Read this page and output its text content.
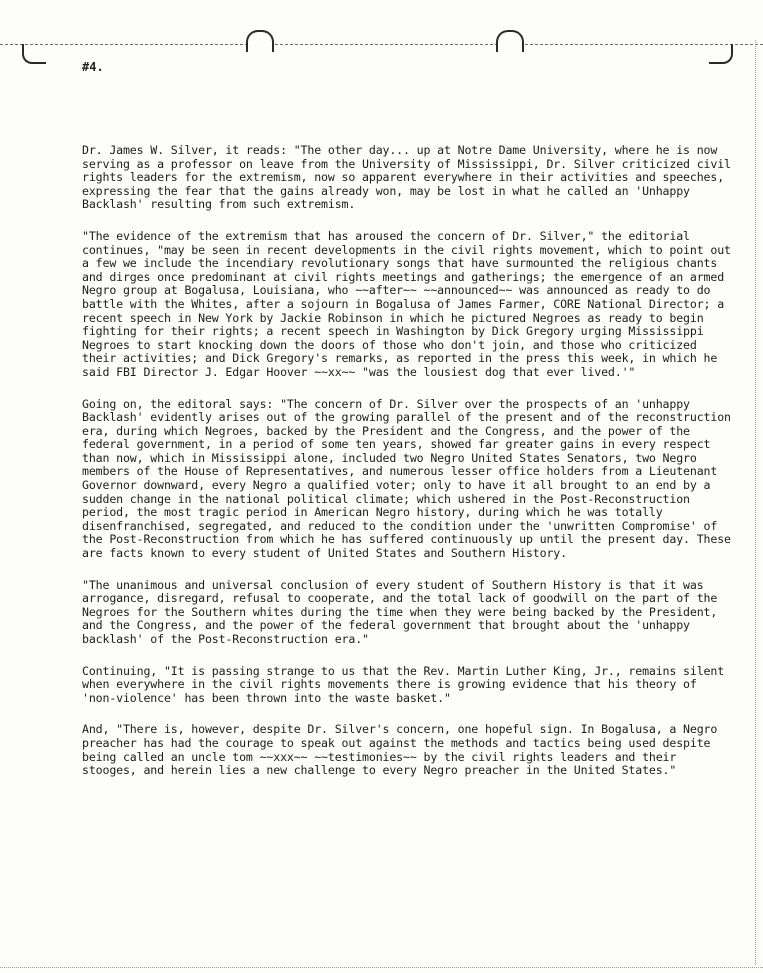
#4.

Dr. James W. Silver, it reads: "The other day... up at Notre Dame University, where he is now serving as a professor on leave from the University of Mississippi, Dr. Silver criticized civil rights leaders for the extremism, now so apparent everywhere in their activities and speeches, expressing the fear that the gains already won, may be lost in what he called an 'Unhappy Backlash' resulting from such extremism.

"The evidence of the extremism that has aroused the concern of Dr. Silver," the editorial continues, "may be seen in recent developments in the civil rights movement, which to point out a few we include the incendiary revolutionary songs that have surmounted the religious chants and dirges once predominant at civil rights meetings and gatherings; the emergence of an armed Negro group at Bogalusa, Louisiana, who ~~after~~ ~~announced~~ was announced as ready to do battle with the Whites, after a sojourn in Bogalusa of James Farmer, CORE National Director; a recent speech in New York by Jackie Robinson in which he pictured Negroes as ready to begin fighting for their rights; a recent speech in Washington by Dick Gregory urging Mississippi Negroes to start knocking down the doors of those who don't join, and those who criticized their activities; and Dick Gregory's remarks, as reported in the press this week, in which he said FBI Director J. Edgar Hoover ~~xx~~ "was the lousiest dog that ever lived.'"

Going on, the editoral says: "The concern of Dr. Silver over the prospects of an 'unhappy Backlash' evidently arises out of the growing parallel of the present and of the reconstruction era, during which Negroes, backed by the President and the Congress, and the power of the federal government, in a period of some ten years, showed far greater gains in every respect than now, which in Mississippi alone, included two Negro United States Senators, two Negro members of the House of Representatives, and numerous lesser office holders from a Lieutenant Governor downward, every Negro a qualified voter; only to have it all brought to an end by a sudden change in the national political climate; which ushered in the Post-Reconstruction period, the most tragic period in American Negro history, during which he was totally disenfranchised, segregated, and reduced to the condition under the 'unwritten Compromise' of the Post-Reconstruction from which he has suffered continuously up until the present day. These are facts known to every student of United States and Southern History.

"The unanimous and universal conclusion of every student of Southern History is that it was arrogance, disregard, refusal to cooperate, and the total lack of goodwill on the part of the Negroes for the Southern whites during the time when they were being backed by the President, and the Congress, and the power of the federal government that brought about the 'unhappy backlash' of the Post-Reconstruction era."

Continuing, "It is passing strange to us that the Rev. Martin Luther King, Jr., remains silent when everywhere in the civil rights movements there is growing evidence that his theory of 'non-violence' has been thrown into the waste basket."

And, "There is, however, despite Dr. Silver's concern, one hopeful sign. In Bogalusa, a Negro preacher has had the courage to speak out against the methods and tactics being used despite being called an uncle tom ~~xxx~~ ~~testimonies~~ by the civil rights leaders and their stooges, and herein lies a new challenge to every Negro preacher in the United States."
